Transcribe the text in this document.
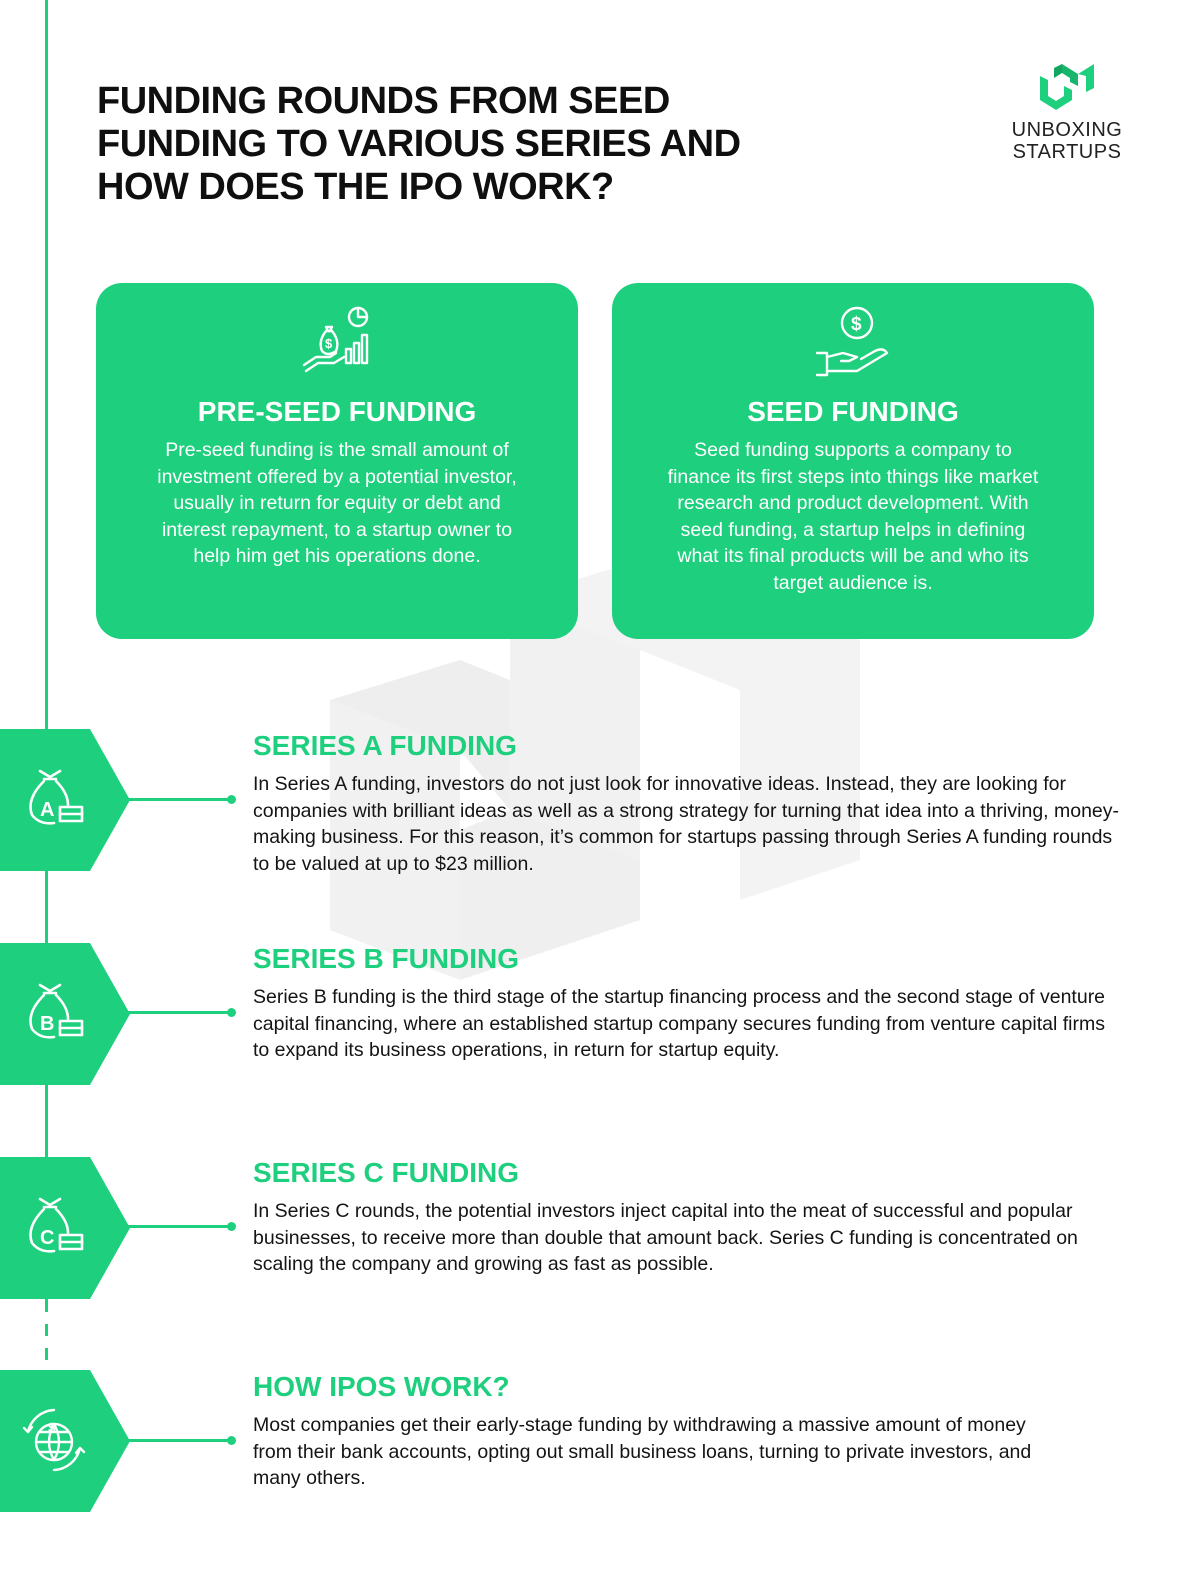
FUNDING ROUNDS FROM SEED FUNDING TO VARIOUS SERIES AND HOW DOES THE IPO WORK?
UNBOXING
STARTUPS
$
PRE-SEED FUNDING

Pre-seed funding is the small amount of investment offered by a potential investor, usually in return for equity or debt and interest repayment, to a startup owner to help him get his operations done.

$
SEED FUNDING

Seed funding supports a company to finance its first steps into things like market research and product development. With seed funding, a startup helps in defining what its final products will be and who its target audience is.

A
SERIES A FUNDING

In Series A funding, investors do not just look for innovative ideas. Instead, they are looking for companies with brilliant ideas as well as a strong strategy for turning that idea into a thriving, money-making business. For this reason, it’s common for startups passing through Series A funding rounds to be valued at up to $23 million.

B
SERIES B FUNDING

Series B funding is the third stage of the startup financing process and the second stage of venture capital financing, where an established startup company secures funding from venture capital firms to expand its business operations, in return for startup equity.

C
SERIES C FUNDING

In Series C rounds, the potential investors inject capital into the meat of successful and popular businesses, to receive more than double that amount back. Series C funding is concentrated on scaling the company and growing as fast as possible.

$
HOW IPOS WORK?

Most companies get their early-stage funding by withdrawing a massive amount of money from their bank accounts, opting out small business loans, turning to private investors, and many others.
